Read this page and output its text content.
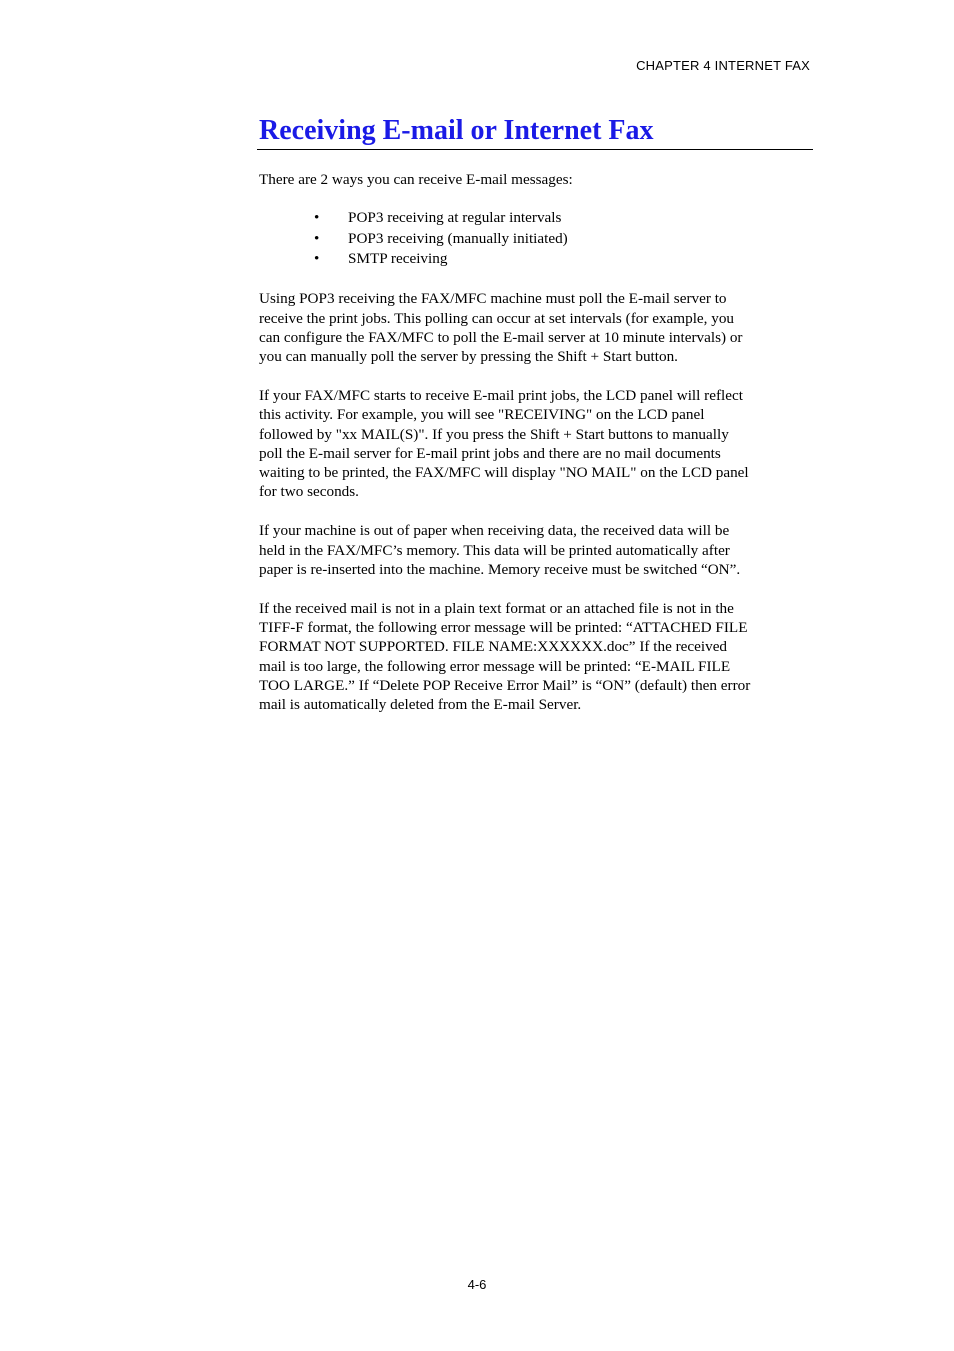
CHAPTER 4 INTERNET FAX
Receiving E-mail or Internet Fax
There are 2 ways you can receive E-mail messages:
• POP3 receiving at regular intervals
• POP3 receiving (manually initiated)
• SMTP receiving

Using POP3 receiving the FAX/MFC machine must poll the E-mail server to
receive the print jobs. This polling can occur at set intervals (for example, you
can configure the FAX/MFC to poll the E-mail server at 10 minute intervals) or
you can manually poll the server by pressing the Shift + Start button.

If your FAX/MFC starts to receive E-mail print jobs, the LCD panel will reflect
this activity. For example, you will see "RECEIVING" on the LCD panel
followed by "xx MAIL(S)". If you press the Shift + Start buttons to manually
poll the E-mail server for E-mail print jobs and there are no mail documents
waiting to be printed, the FAX/MFC will display "NO MAIL" on the LCD panel
for two seconds.

If your machine is out of paper when receiving data, the received data will be
held in the FAX/MFC’s memory. This data will be printed automatically after
paper is re-inserted into the machine. Memory receive must be switched “ON”.

If the received mail is not in a plain text format or an attached file is not in the
TIFF-F format, the following error message will be printed: “ATTACHED FILE
FORMAT NOT SUPPORTED. FILE NAME:XXXXXX.doc” If the received
mail is too large, the following error message will be printed: “E-MAIL FILE
TOO LARGE.” If “Delete POP Receive Error Mail” is “ON” (default) then error
mail is automatically deleted from the E-mail Server.

4-6
